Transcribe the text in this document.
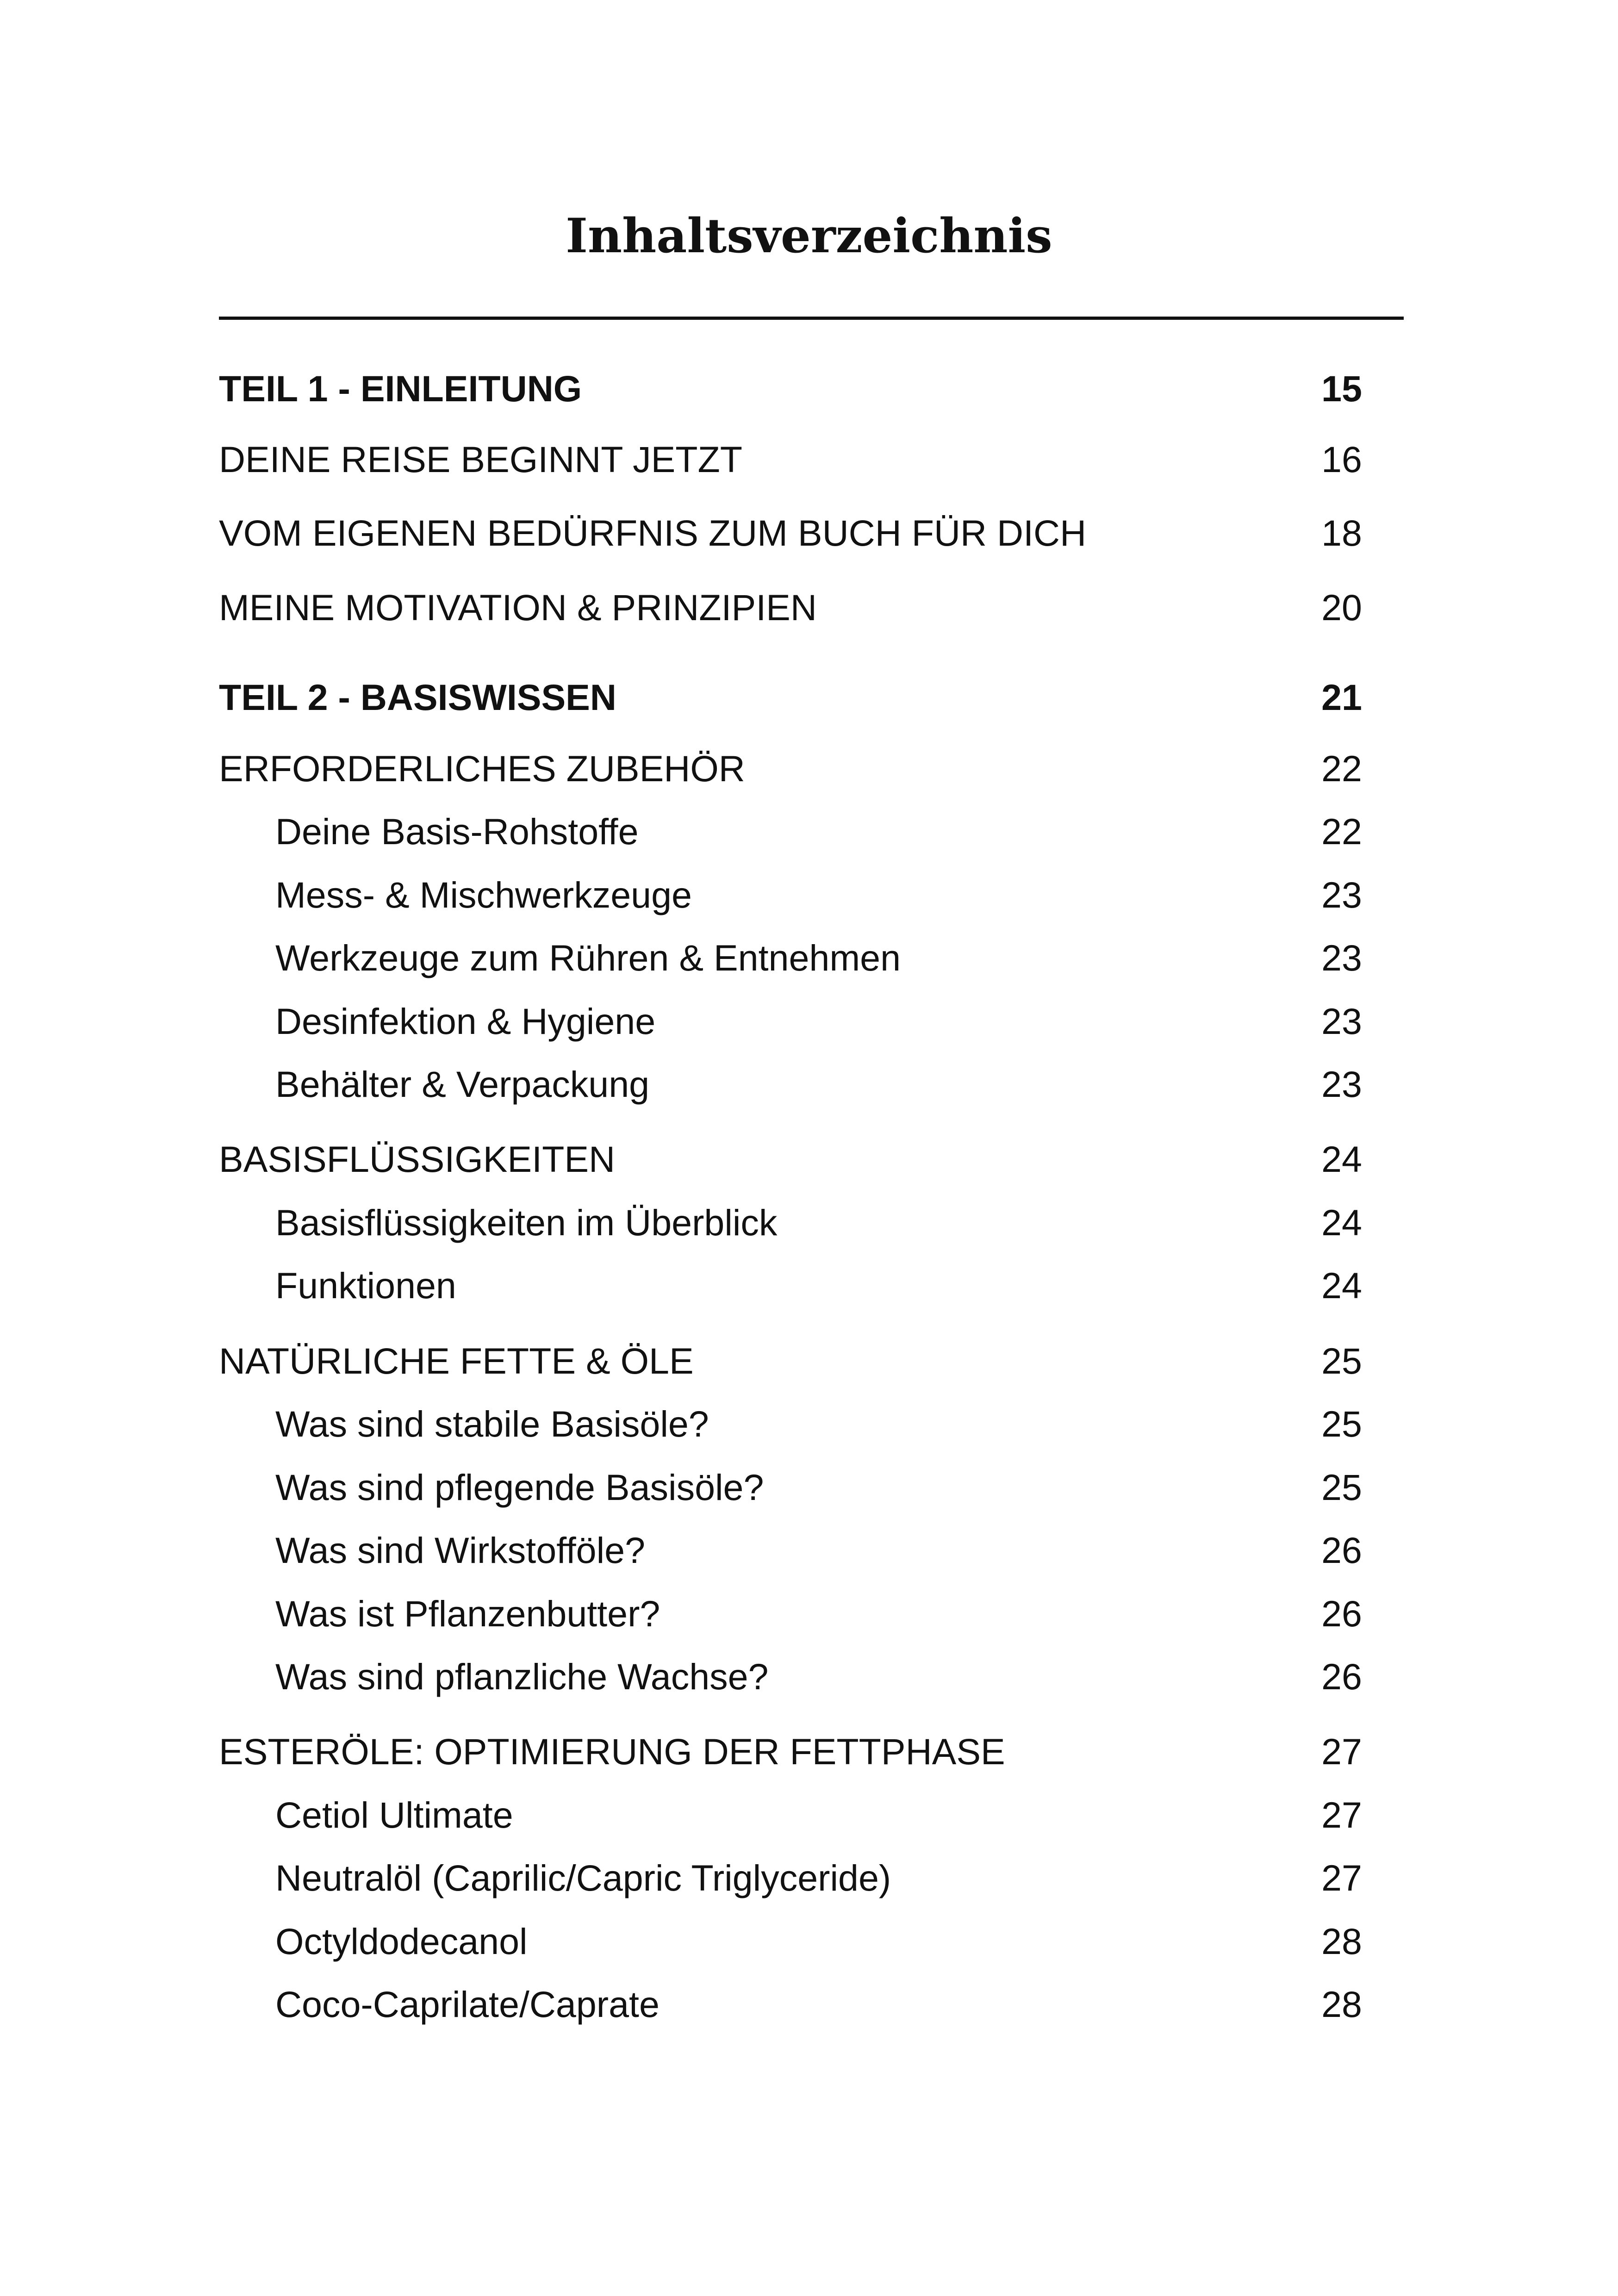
Inhaltsverzeichnis
TEIL 1 - EINLEITUNG	15
DEINE REISE BEGINNT JETZT	16
VOM EIGENEN BEDÜRFNIS ZUM BUCH FÜR DICH	18
MEINE MOTIVATION & PRINZIPIEN	20
TEIL 2 - BASISWISSEN	21
ERFORDERLICHES ZUBEHÖR	22
Deine Basis-Rohstoffe	22
Mess- & Mischwerkzeuge	23
Werkzeuge zum Rühren & Entnehmen	23
Desinfektion & Hygiene	23
Behälter & Verpackung	23
BASISFLÜSSIGKEITEN	24
Basisflüssigkeiten im Überblick	24
Funktionen	24
NATÜRLICHE FETTE & ÖLE	25
Was sind stabile Basisöle?	25
Was sind pflegende Basisöle?	25
Was sind Wirkstofföle?	26
Was ist Pflanzenbutter?	26
Was sind pflanzliche Wachse?	26
ESTERÖLE: OPTIMIERUNG DER FETTPHASE	27
Cetiol Ultimate	27
Neutralöl (Caprilic/Capric Triglyceride)	27
Octyldodecanol	28
Coco-Caprilate/Caprate	28
